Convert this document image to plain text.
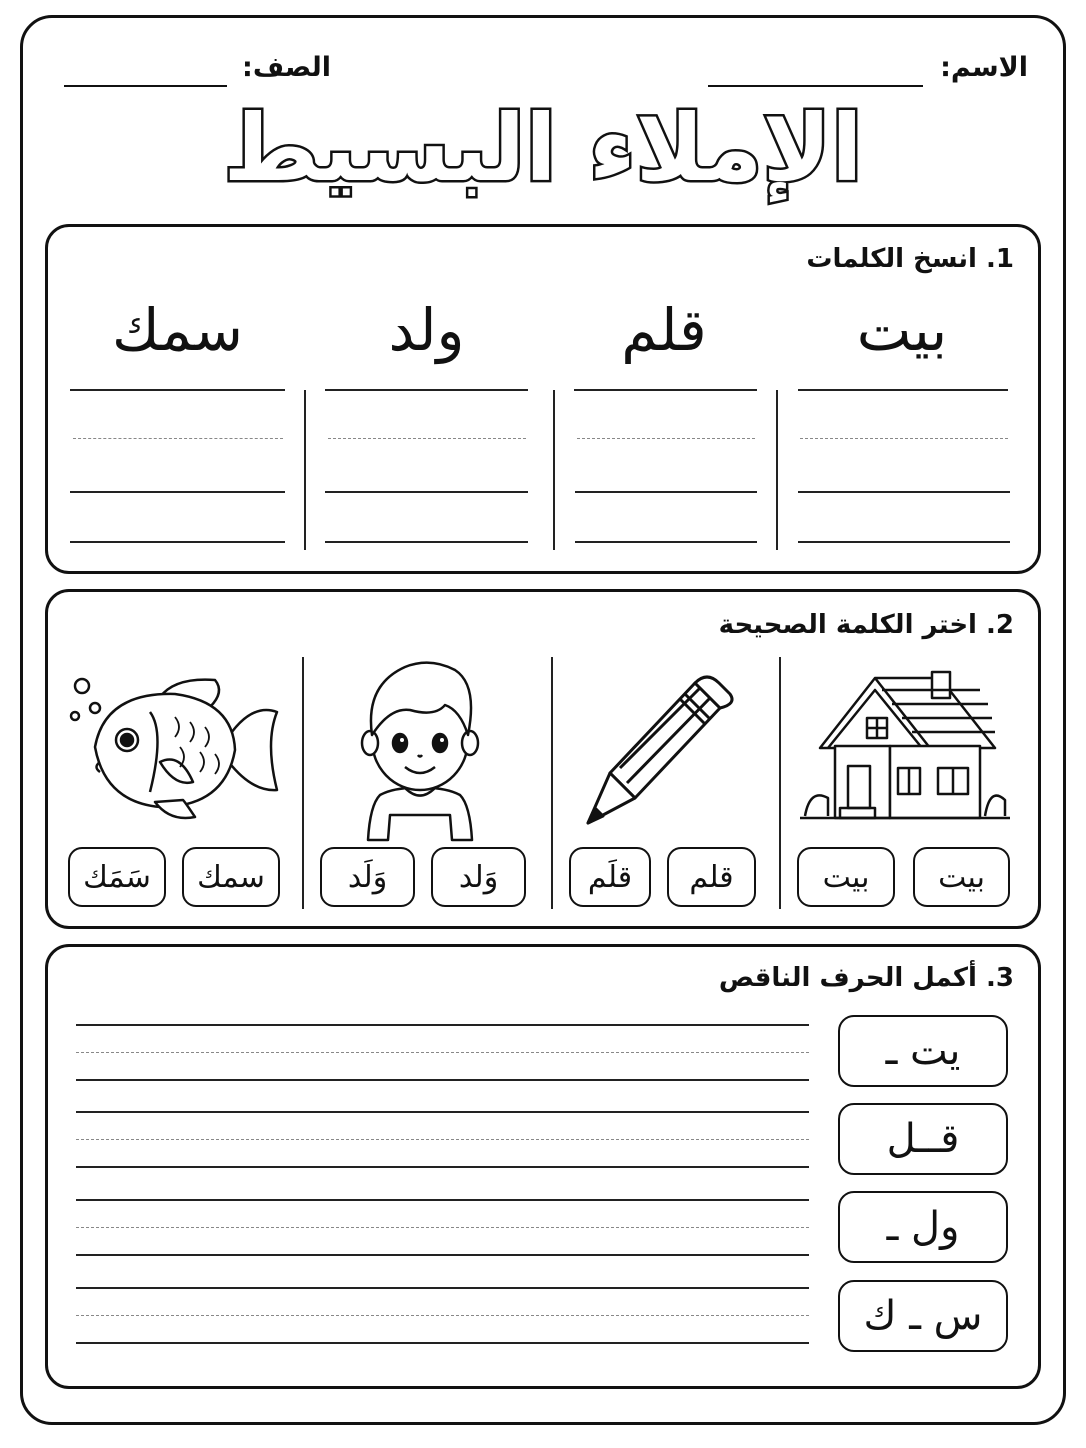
الاسم:
الصف:
الإملاء البسيط
1. انسخ الكلمات
بيت
قلم
ولد
سمك
2. اختر الكلمة الصحيحة
بيت
بيت
قلم
قلَم
وَلد
وَلَد
سمك
سَمَك
3. أكمل الحرف الناقص
يت ـ
قــل
ول ـ
س ـ ك
